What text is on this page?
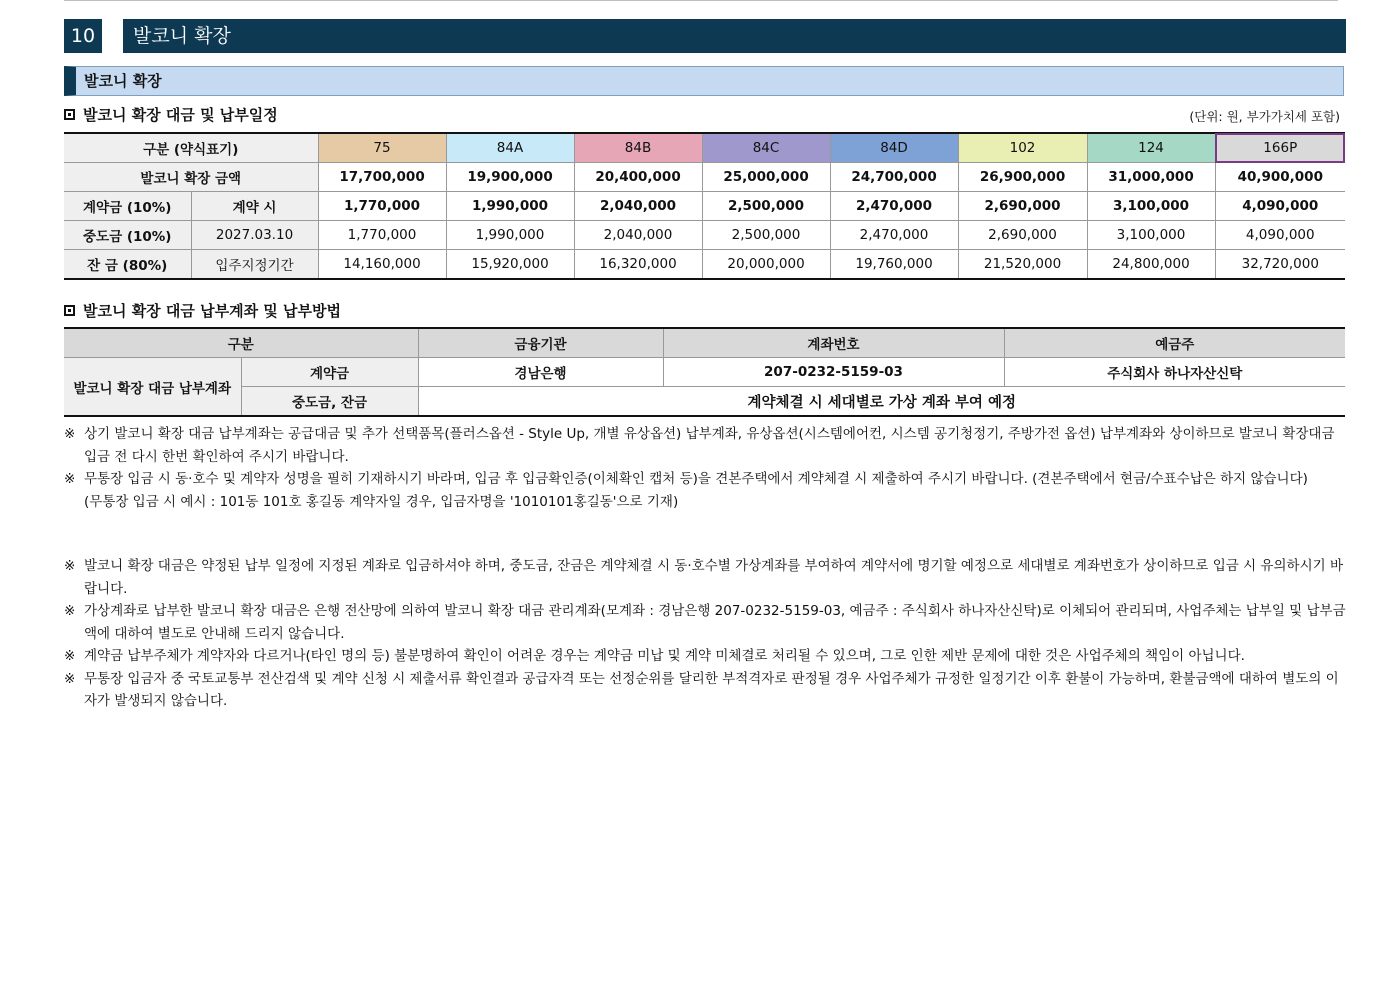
10	발코니 확장
발코니 확장
발코니 확장 대금 및 납부일정	(단위: 원, 부가가치세 포함)
구분 (약식표기)		75	84A	84B	84C	84D	102	124	166P
발코니 확장 금액		17,700,000	19,900,000	20,400,000	25,000,000	24,700,000	26,900,000	31,000,000	40,900,000
계약금 (10%)	계약 시	1,770,000	1,990,000	2,040,000	2,500,000	2,470,000	2,690,000	3,100,000	4,090,000
중도금 (10%)	2027.03.10	1,770,000	1,990,000	2,040,000	2,500,000	2,470,000	2,690,000	3,100,000	4,090,000
잔 금 (80%)	입주지정기간	14,160,000	15,920,000	16,320,000	20,000,000	19,760,000	21,520,000	24,800,000	32,720,000
발코니 확장 대금 납부계좌 및 납부방법
구분		금융기관	계좌번호	예금주
발코니 확장 대금 납부계좌	계약금	경남은행	207-0232-5159-03	주식회사 하나자산신탁
	중도금, 잔금	계약체결 시 세대별로 가상 계좌 부여 예정		
※ 상기 발코니 확장 대금 납부계좌는 공급대금 및 추가 선택품목(플러스옵션 - Style Up, 개별 유상옵션) 납부계좌, 유상옵션(시스템에어컨, 시스템 공기청정기, 주방가전 옵션) 납부계좌와 상이하므로 발코니 확장대금 입금 전 다시 한번 확인하여 주시기 바랍니다.
※ 무통장 입금 시 동·호수 및 계약자 성명을 필히 기재하시기 바라며, 입금 후 입금확인증(이체확인 캡처 등)을 견본주택에서 계약체결 시 제출하여 주시기 바랍니다. (견본주택에서 현금/수표수납은 하지 않습니다)
(무통장 입금 시 예시 : 101동 101호 홍길동 계약자일 경우, 입금자명을 '1010101홍길동'으로 기재)
※ 발코니 확장 대금은 약정된 납부 일정에 지정된 계좌로 입금하셔야 하며, 중도금, 잔금은 계약체결 시 동·호수별 가상계좌를 부여하여 계약서에 명기할 예정으로 세대별로 계좌번호가 상이하므로 입금 시 유의하시기 바랍니다.
※ 가상계좌로 납부한 발코니 확장 대금은 은행 전산망에 의하여 발코니 확장 대금 관리계좌(모계좌 : 경남은행 207-0232-5159-03, 예금주 : 주식회사 하나자산신탁)로 이체되어 관리되며, 사업주체는 납부일 및 납부금액에 대하여 별도로 안내해 드리지 않습니다.
※ 계약금 납부주체가 계약자와 다르거나(타인 명의 등) 불분명하여 확인이 어려운 경우는 계약금 미납 및 계약 미체결로 처리될 수 있으며, 그로 인한 제반 문제에 대한 것은 사업주체의 책임이 아닙니다.
※ 무통장 입금자 중 국토교통부 전산검색 및 계약 신청 시 제출서류 확인결과 공급자격 또는 선정순위를 달리한 부적격자로 판정될 경우 사업주체가 규정한 일정기간 이후 환불이 가능하며, 환불금액에 대하여 별도의 이자가 발생되지 않습니다.
